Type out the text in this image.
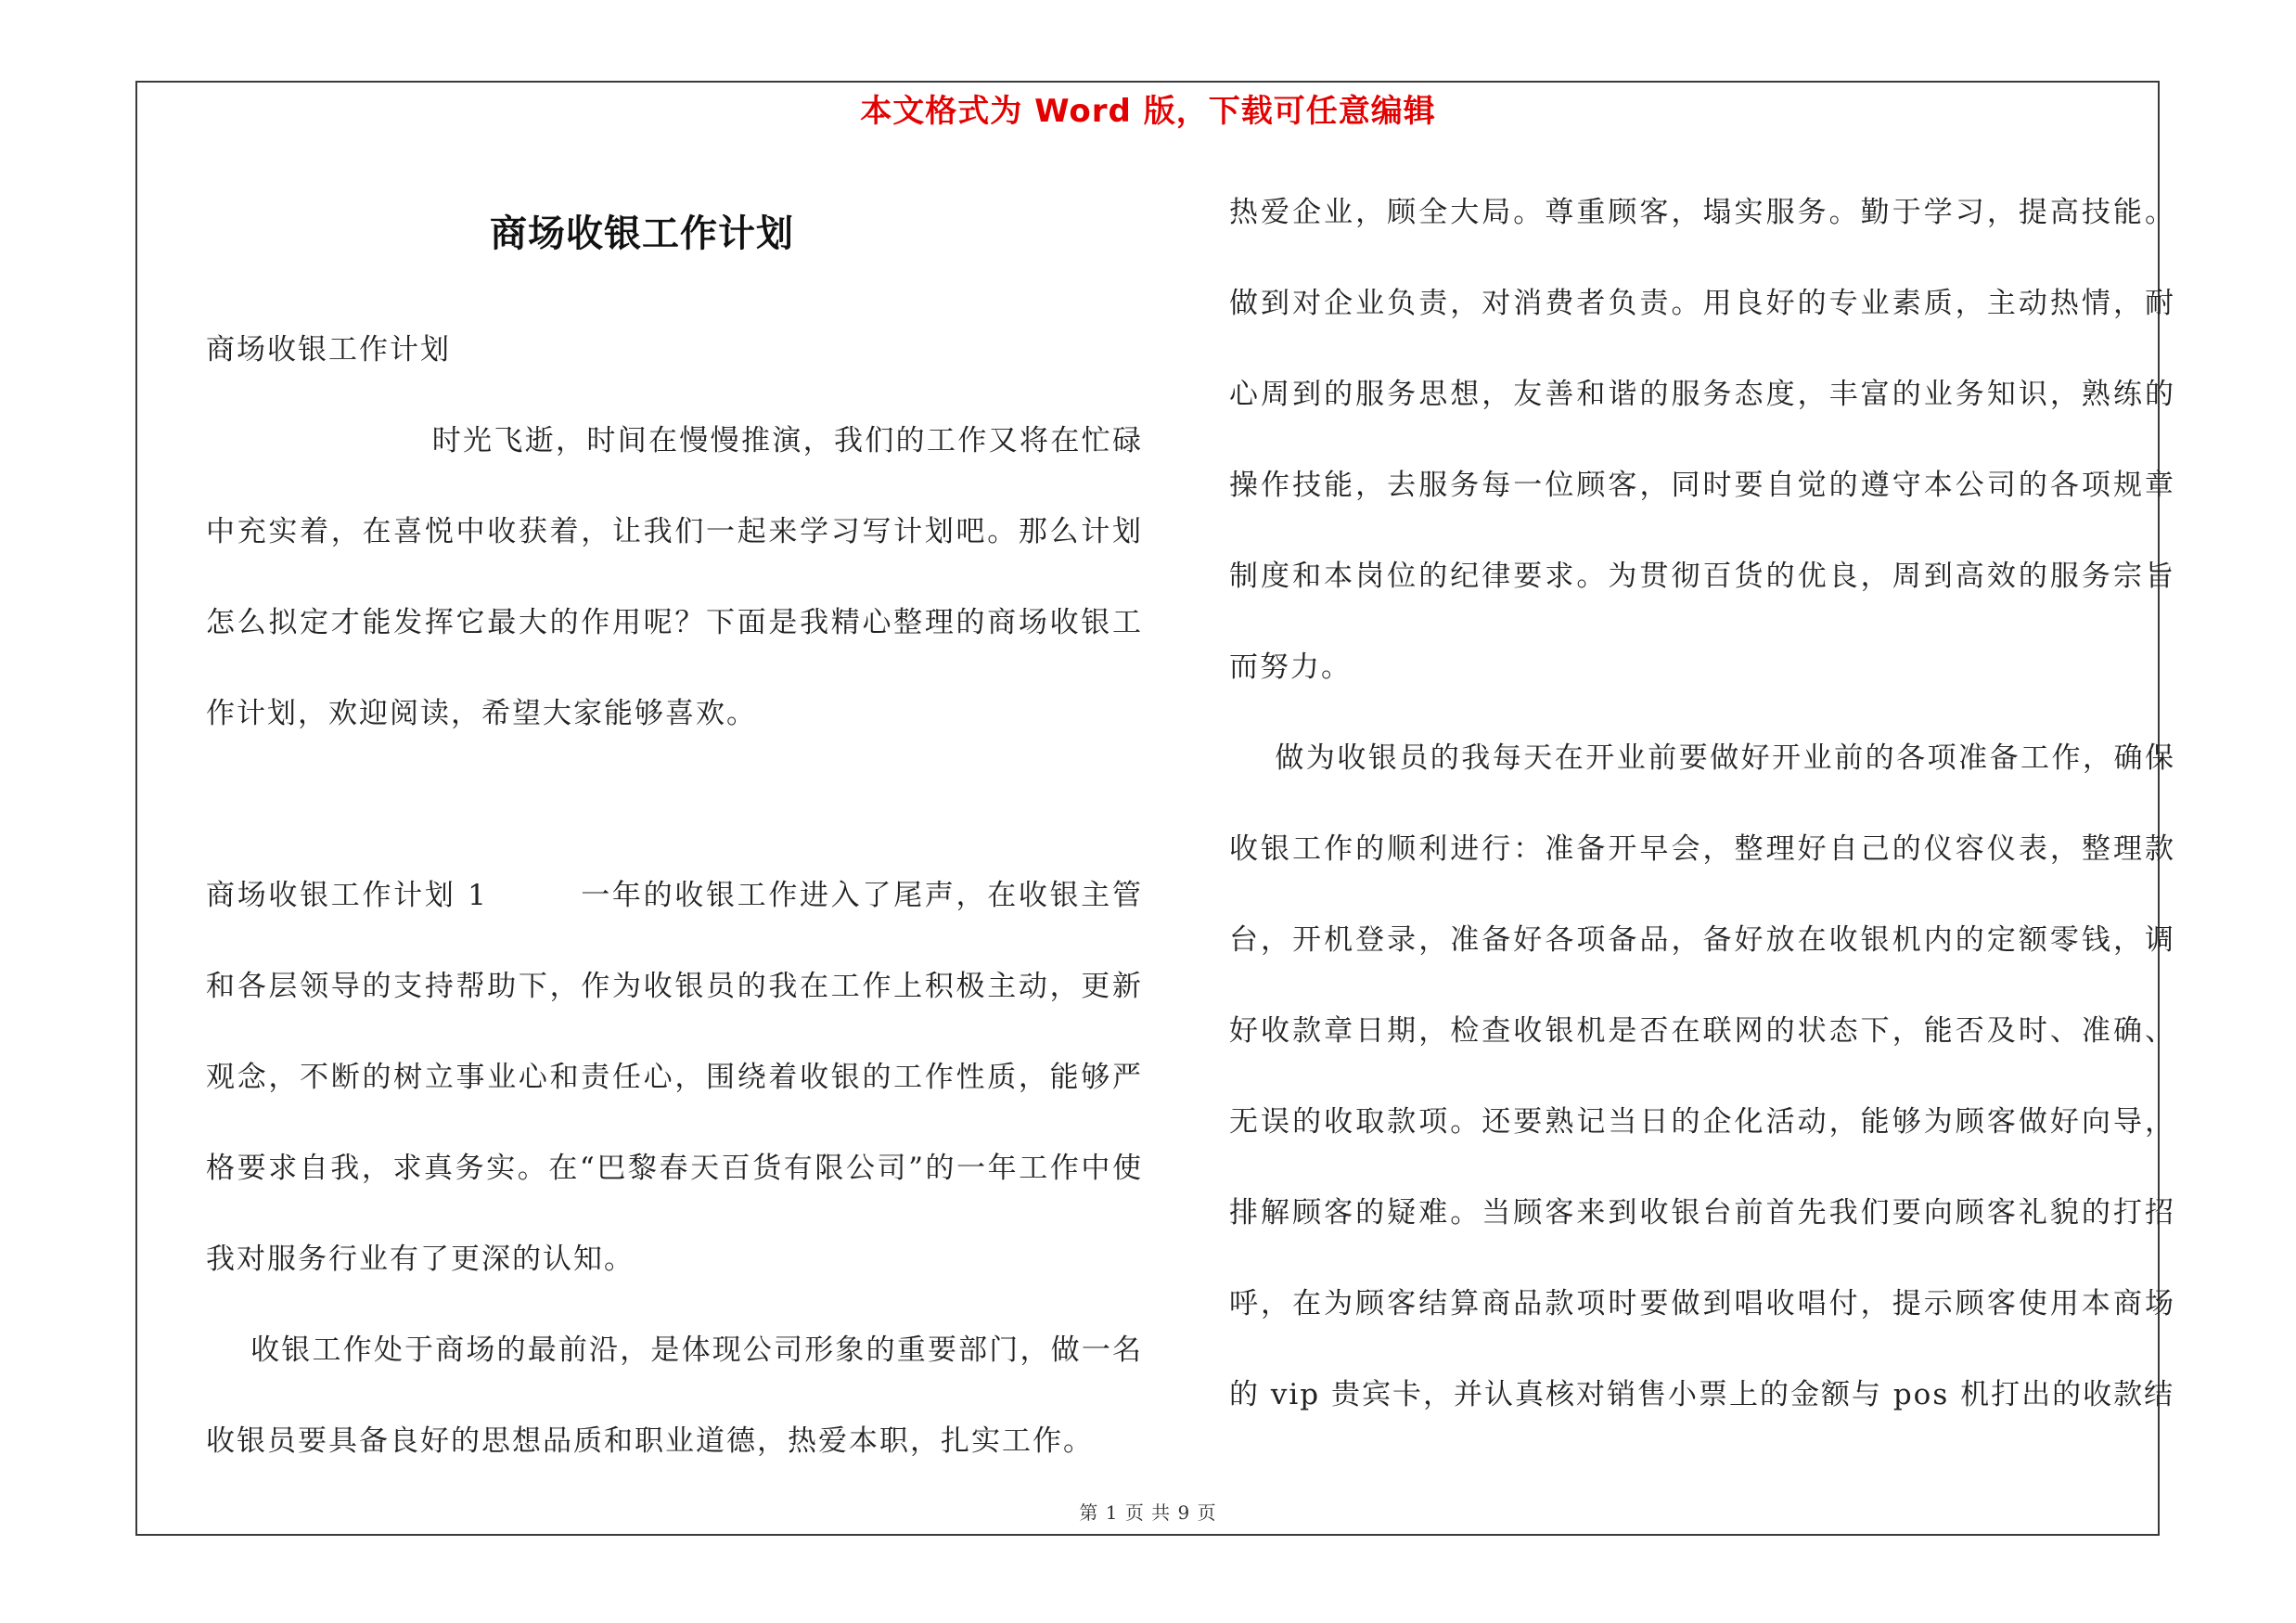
本文格式为 Word 版，下载可任意编辑
商场收银工作计划

商场收银工作计划

时光飞逝，时间在慢慢推演，我们的工作又将在忙碌中充实着，在喜悦中收获着，让我们一起来学习写计划吧。那么计划怎么拟定才能发挥它最大的作用呢？下面是我精心整理的商场收银工作计划，欢迎阅读，希望大家能够喜欢。

商场收银工作计划 1        一年的收银工作进入了尾声，在收银主管和各层领导的支持帮助下，作为收银员的我在工作上积极主动，更新观念，不断的树立事业心和责任心，围绕着收银的工作性质，能够严格要求自我，求真务实。在“巴黎春天百货有限公司”的一年工作中使我对服务行业有了更深的认知。

收银工作处于商场的最前沿，是体现公司形象的重要部门，做一名收银员要具备良好的思想品质和职业道德，热爱本职，扎实工作。

热爱企业，顾全大局。尊重顾客，塌实服务。勤于学习，提高技能。做到对企业负责，对消费者负责。用良好的专业素质，主动热情，耐心周到的服务思想，友善和谐的服务态度，丰富的业务知识，熟练的操作技能，去服务每一位顾客，同时要自觉的遵守本公司的各项规章制度和本岗位的纪律要求。为贯彻百货的优良，周到高效的服务宗旨而努力。

做为收银员的我每天在开业前要做好开业前的各项准备工作，确保收银工作的顺利进行：准备开早会，整理好自己的仪容仪表，整理款台，开机登录，准备好各项备品，备好放在收银机内的定额零钱，调好收款章日期，检查收银机是否在联网的状态下，能否及时、准确、无误的收取款项。还要熟记当日的企化活动，能够为顾客做好向导，排解顾客的疑难。当顾客来到收银台前首先我们要向顾客礼貌的打招呼，在为顾客结算商品款项时要做到唱收唱付，提示顾客使用本商场的 vip 贵宾卡，并认真核对销售小票上的金额与 pos 机打出的收款结

第 1 页 共 9 页
